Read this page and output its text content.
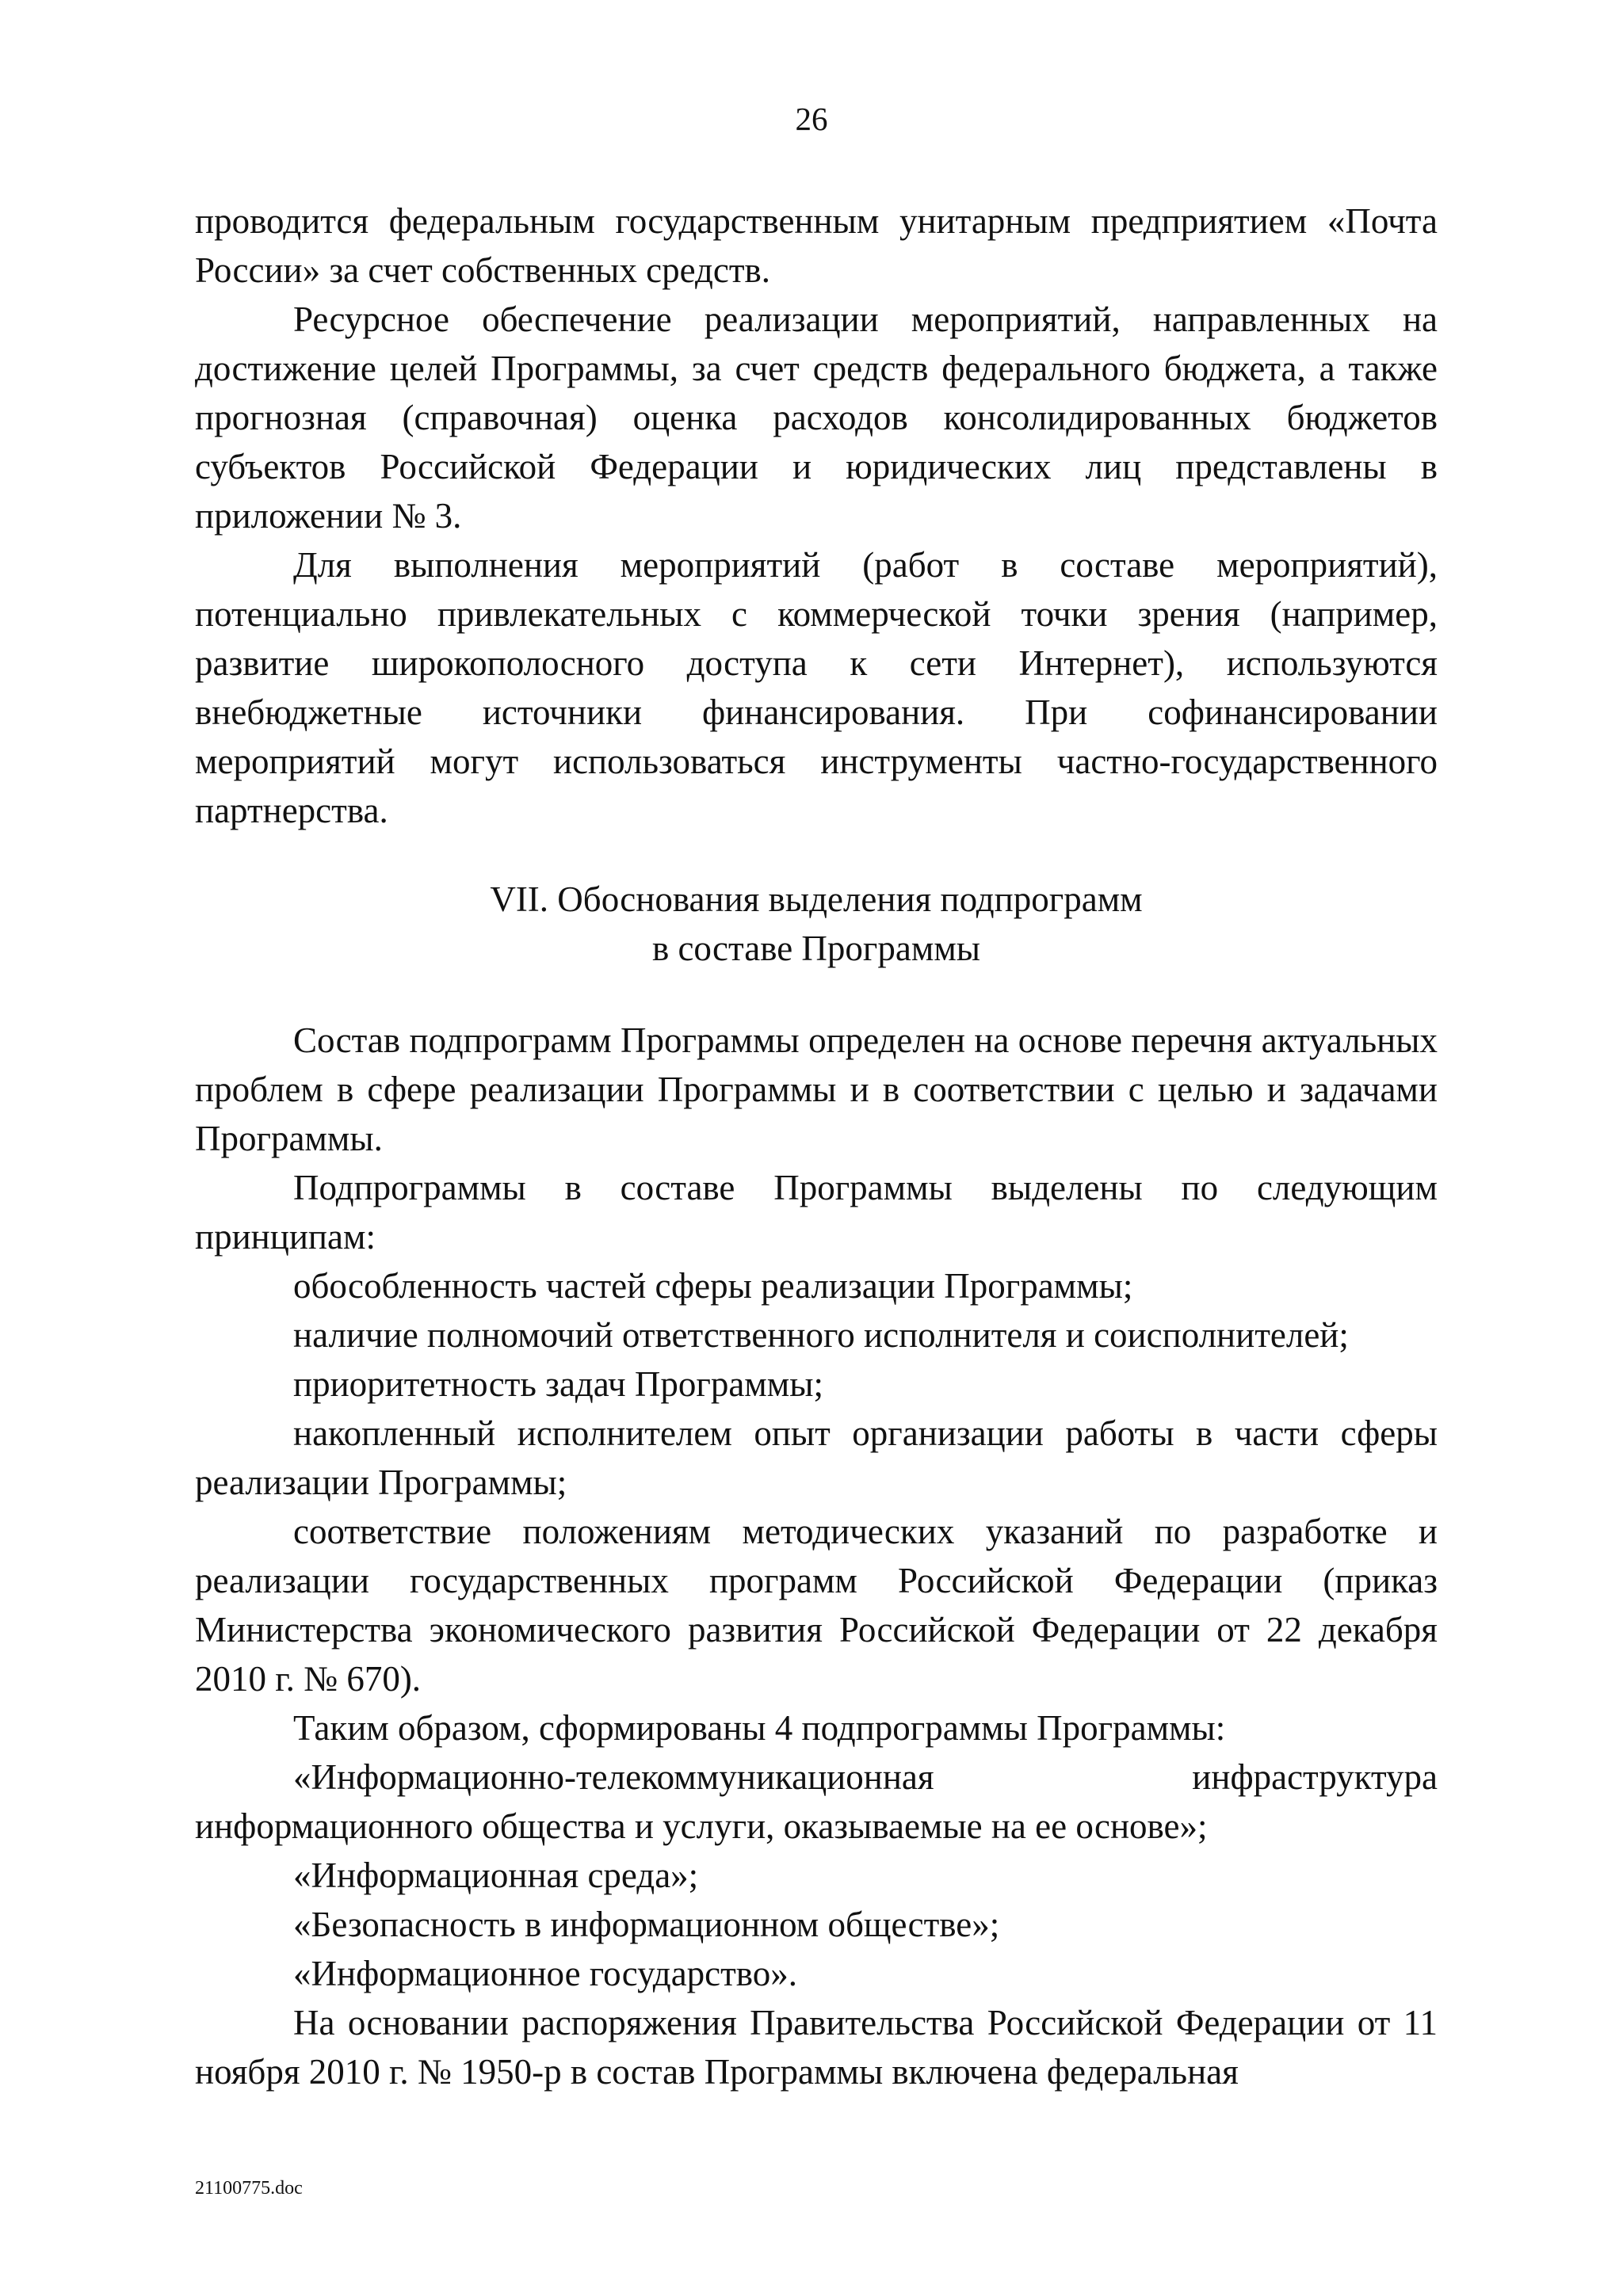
26

проводится федеральным государственным унитарным предприятием «Почта России» за счет собственных средств.

Ресурсное обеспечение реализации мероприятий, направленных на достижение целей Программы, за счет средств федерального бюджета, а также прогнозная (справочная) оценка расходов консолидированных бюджетов субъектов Российской Федерации и юридических лиц представлены в приложении № 3.

Для выполнения мероприятий (работ в составе мероприятий), потенциально привлекательных с коммерческой точки зрения (например, развитие широкополосного доступа к сети Интернет), используются внебюджетные источники финансирования. При софинансировании мероприятий могут использоваться инструменты частно-государственного партнерства.

VII. Обоснования выделения подпрограмм
в составе Программы

Состав подпрограмм Программы определен на основе перечня актуальных проблем в сфере реализации Программы и в соответствии с целью и задачами Программы.

Подпрограммы в составе Программы выделены по следующим принципам:

обособленность частей сферы реализации Программы;

наличие полномочий ответственного исполнителя и соисполнителей;

приоритетность задач Программы;

накопленный исполнителем опыт организации работы в части сферы реализации Программы;

соответствие положениям методических указаний по разработке и реализации государственных программ Российской Федерации (приказ Министерства экономического развития Российской Федерации от 22 декабря 2010 г. № 670).

Таким образом, сформированы 4 подпрограммы Программы:

«Информационно-телекоммуникационная инфраструктура информационного общества и услуги, оказываемые на ее основе»;

«Информационная среда»;

«Безопасность в информационном обществе»;

«Информационное государство».

На основании распоряжения Правительства Российской Федерации от 11 ноября 2010 г. № 1950-р в состав Программы включена федеральная

21100775.doc
